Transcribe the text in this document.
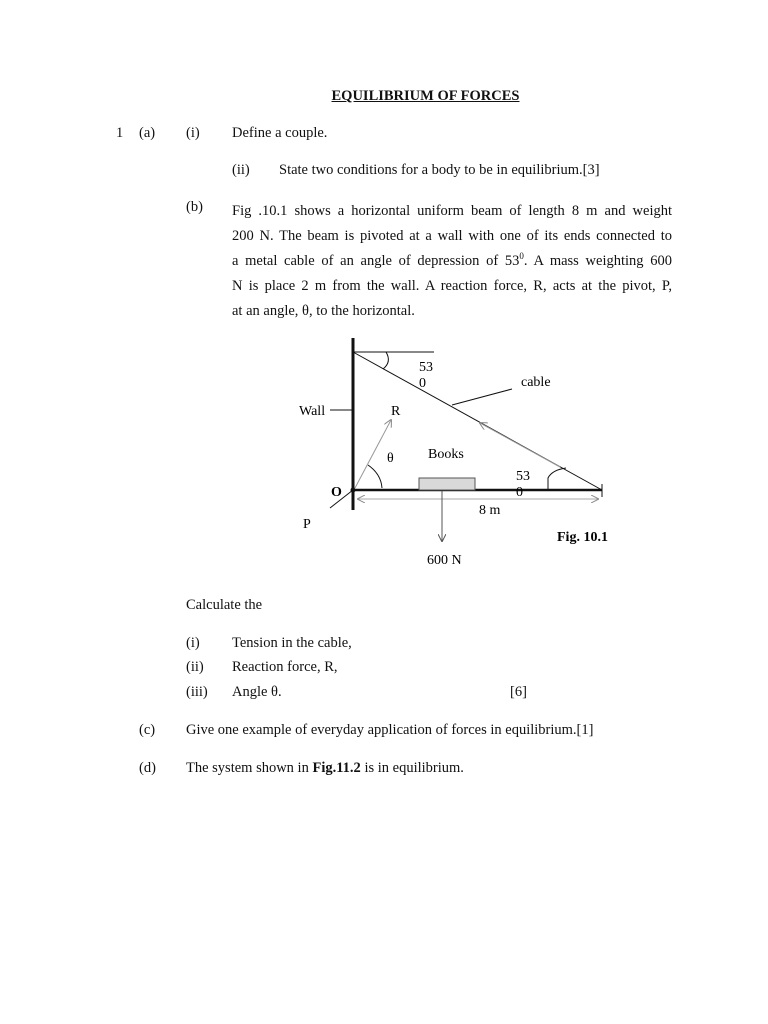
EQUILIBRIUM OF FORCES
1 (a) (i) Define a couple.
(ii) State two conditions for a body to be in equilibrium.[3]
(b) Fig .10.1 shows a horizontal uniform beam of length 8 m and weight
200 N. The beam is pivoted at a wall with one of its ends connected to
a metal cable of an angle of depression of $53^0$. A mass weighting 600
N is place 2 m from the wall. A reaction force, R, acts at the pivot, P,
at an angle, θ, to the horizontal.
53
0	cable
Wall	R
θ Books
53
0
O
8 m
P
Fig. 10.1
600 N
Calculate the
(i) Tension in the cable,
(ii) Reaction force, R,
(iii) Angle θ.	[6]
(c) Give one example of everyday application of forces in equilibrium.[1]
(d) The system shown in Fig.11.2 is in equilibrium.
